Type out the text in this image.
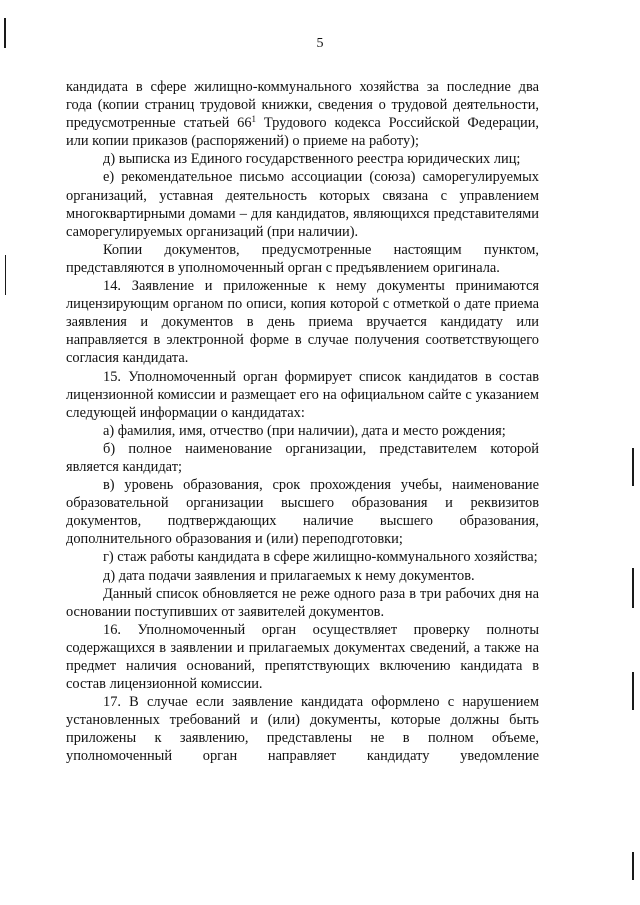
5

кандидата в сфере жилищно-коммунального хозяйства за последние два года (копии страниц трудовой книжки, сведения о трудовой деятельности, предусмотренные статьей $66^1$ Трудового кодекса Российской Федерации, или копии приказов (распоряжений) о приеме на работу);

д) выписка из Единого государственного реестра юридических лиц;

е) рекомендательное письмо ассоциации (союза) саморегулируемых организаций, уставная деятельность которых связана с управлением многоквартирными домами – для кандидатов, являющихся представителями саморегулируемых организаций (при наличии).

Копии документов, предусмотренные настоящим пунктом, представляются в уполномоченный орган с предъявлением оригинала.

14. Заявление и приложенные к нему документы принимаются лицензирующим органом по описи, копия которой с отметкой о дате приема заявления и документов в день приема вручается кандидату или направляется в электронной форме в случае получения соответствующего согласия кандидата.

15. Уполномоченный орган формирует список кандидатов в состав лицензионной комиссии и размещает его на официальном сайте с указанием следующей информации о кандидатах:

а) фамилия, имя, отчество (при наличии), дата и место рождения;

б) полное наименование организации, представителем которой является кандидат;

в) уровень образования, срок прохождения учебы, наименование образовательной организации высшего образования и реквизитов документов, подтверждающих наличие высшего образования, дополнительного образования и (или) переподготовки;

г) стаж работы кандидата в сфере жилищно-коммунального хозяйства;

д) дата подачи заявления и прилагаемых к нему документов.

Данный список обновляется не реже одного раза в три рабочих дня на основании поступивших от заявителей документов.

16. Уполномоченный орган осуществляет проверку полноты содержащихся в заявлении и прилагаемых документах сведений, а также на предмет наличия оснований, препятствующих включению кандидата в состав лицензионной комиссии.

17. В случае если заявление кандидата оформлено с нарушением установленных требований и (или) документы, которые должны быть приложены к заявлению, представлены не в полном объеме, уполномоченный орган направляет кандидату уведомление
